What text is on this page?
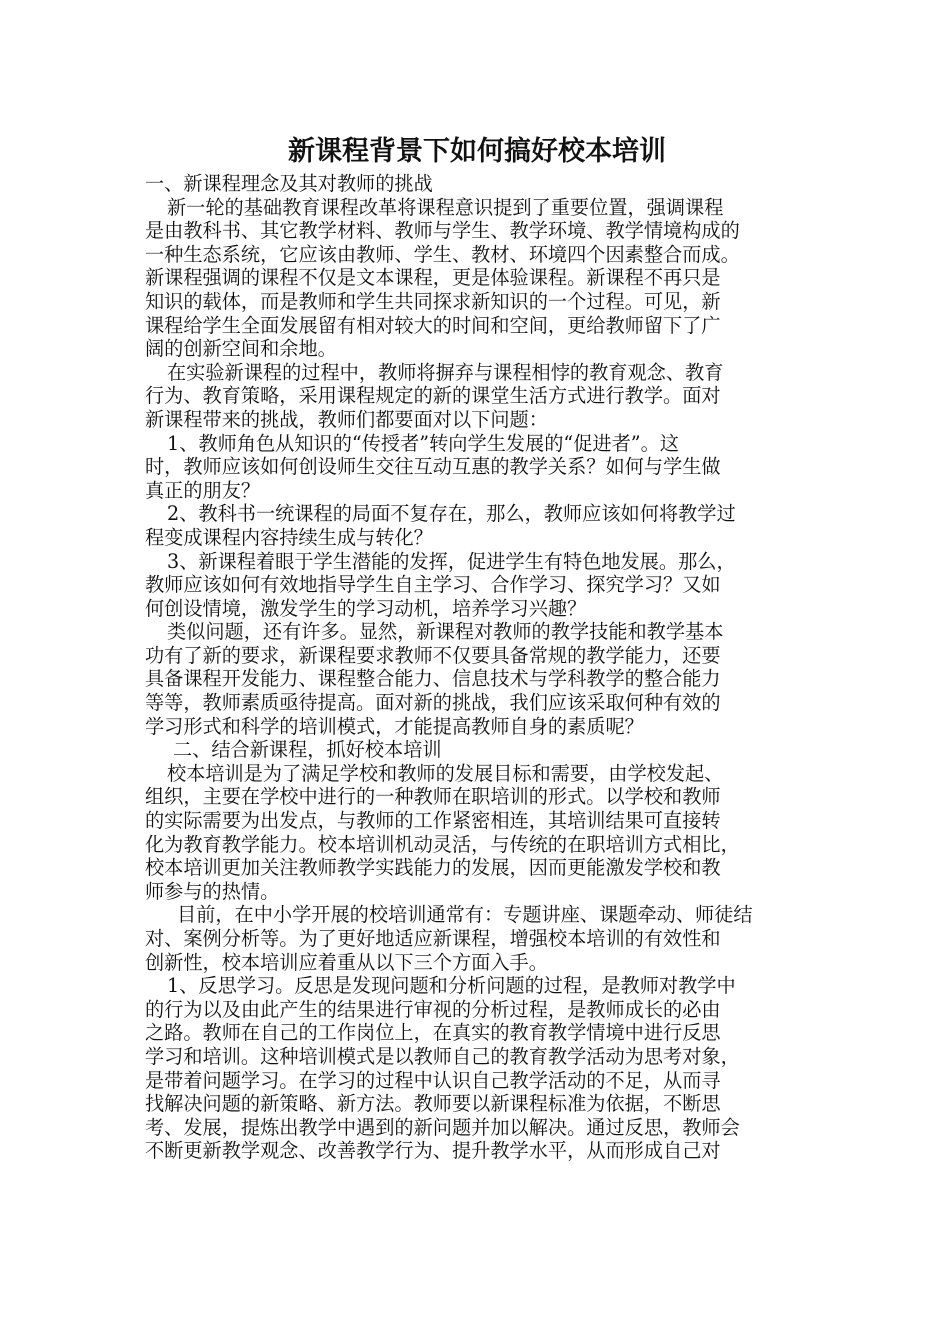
新课程背景下如何搞好校本培训
一、新课程理念及其对教师的挑战
新一轮的基础教育课程改革将课程意识提到了重要位置，强调课程
是由教科书、其它教学材料、教师与学生、教学环境、教学情境构成的
一种生态系统，它应该由教师、学生、教材、环境四个因素整合而成。
新课程强调的课程不仅是文本课程，更是体验课程。新课程不再只是
知识的载体，而是教师和学生共同探求新知识的一个过程。可见，新
课程给学生全面发展留有相对较大的时间和空间，更给教师留下了广
阔的创新空间和余地。
在实验新课程的过程中，教师将摒弃与课程相悖的教育观念、教育
行为、教育策略，采用课程规定的新的课堂生活方式进行教学。面对
新课程带来的挑战，教师们都要面对以下问题：
1、教师角色从知识的“传授者”转向学生发展的“促进者”。这
时，教师应该如何创设师生交往互动互惠的教学关系？如何与学生做
真正的朋友？
2、教科书一统课程的局面不复存在，那么，教师应该如何将教学过
程变成课程内容持续生成与转化？
3、新课程着眼于学生潜能的发挥，促进学生有特色地发展。那么，
教师应该如何有效地指导学生自主学习、合作学习、探究学习？又如
何创设情境，激发学生的学习动机，培养学习兴趣？
类似问题，还有许多。显然，新课程对教师的教学技能和教学基本
功有了新的要求，新课程要求教师不仅要具备常规的教学能力，还要
具备课程开发能力、课程整合能力、信息技术与学科教学的整合能力
等等，教师素质亟待提高。面对新的挑战，我们应该采取何种有效的
学习形式和科学的培训模式，才能提高教师自身的素质呢？
二、结合新课程，抓好校本培训
校本培训是为了满足学校和教师的发展目标和需要，由学校发起、
组织，主要在学校中进行的一种教师在职培训的形式。以学校和教师
的实际需要为出发点，与教师的工作紧密相连，其培训结果可直接转
化为教育教学能力。校本培训机动灵活，与传统的在职培训方式相比，
校本培训更加关注教师教学实践能力的发展，因而更能激发学校和教
师参与的热情。
目前，在中小学开展的校培训通常有：专题讲座、课题牵动、师徒结
对、案例分析等。为了更好地适应新课程，增强校本培训的有效性和
创新性，校本培训应着重从以下三个方面入手。
1、反思学习。反思是发现问题和分析问题的过程，是教师对教学中
的行为以及由此产生的结果进行审视的分析过程，是教师成长的必由
之路。教师在自己的工作岗位上，在真实的教育教学情境中进行反思
学习和培训。这种培训模式是以教师自己的教育教学活动为思考对象，
是带着问题学习。在学习的过程中认识自己教学活动的不足，从而寻
找解决问题的新策略、新方法。教师要以新课程标准为依据，不断思
考、发展，提炼出教学中遇到的新问题并加以解决。通过反思，教师会
不断更新教学观念、改善教学行为、提升教学水平，从而形成自己对
